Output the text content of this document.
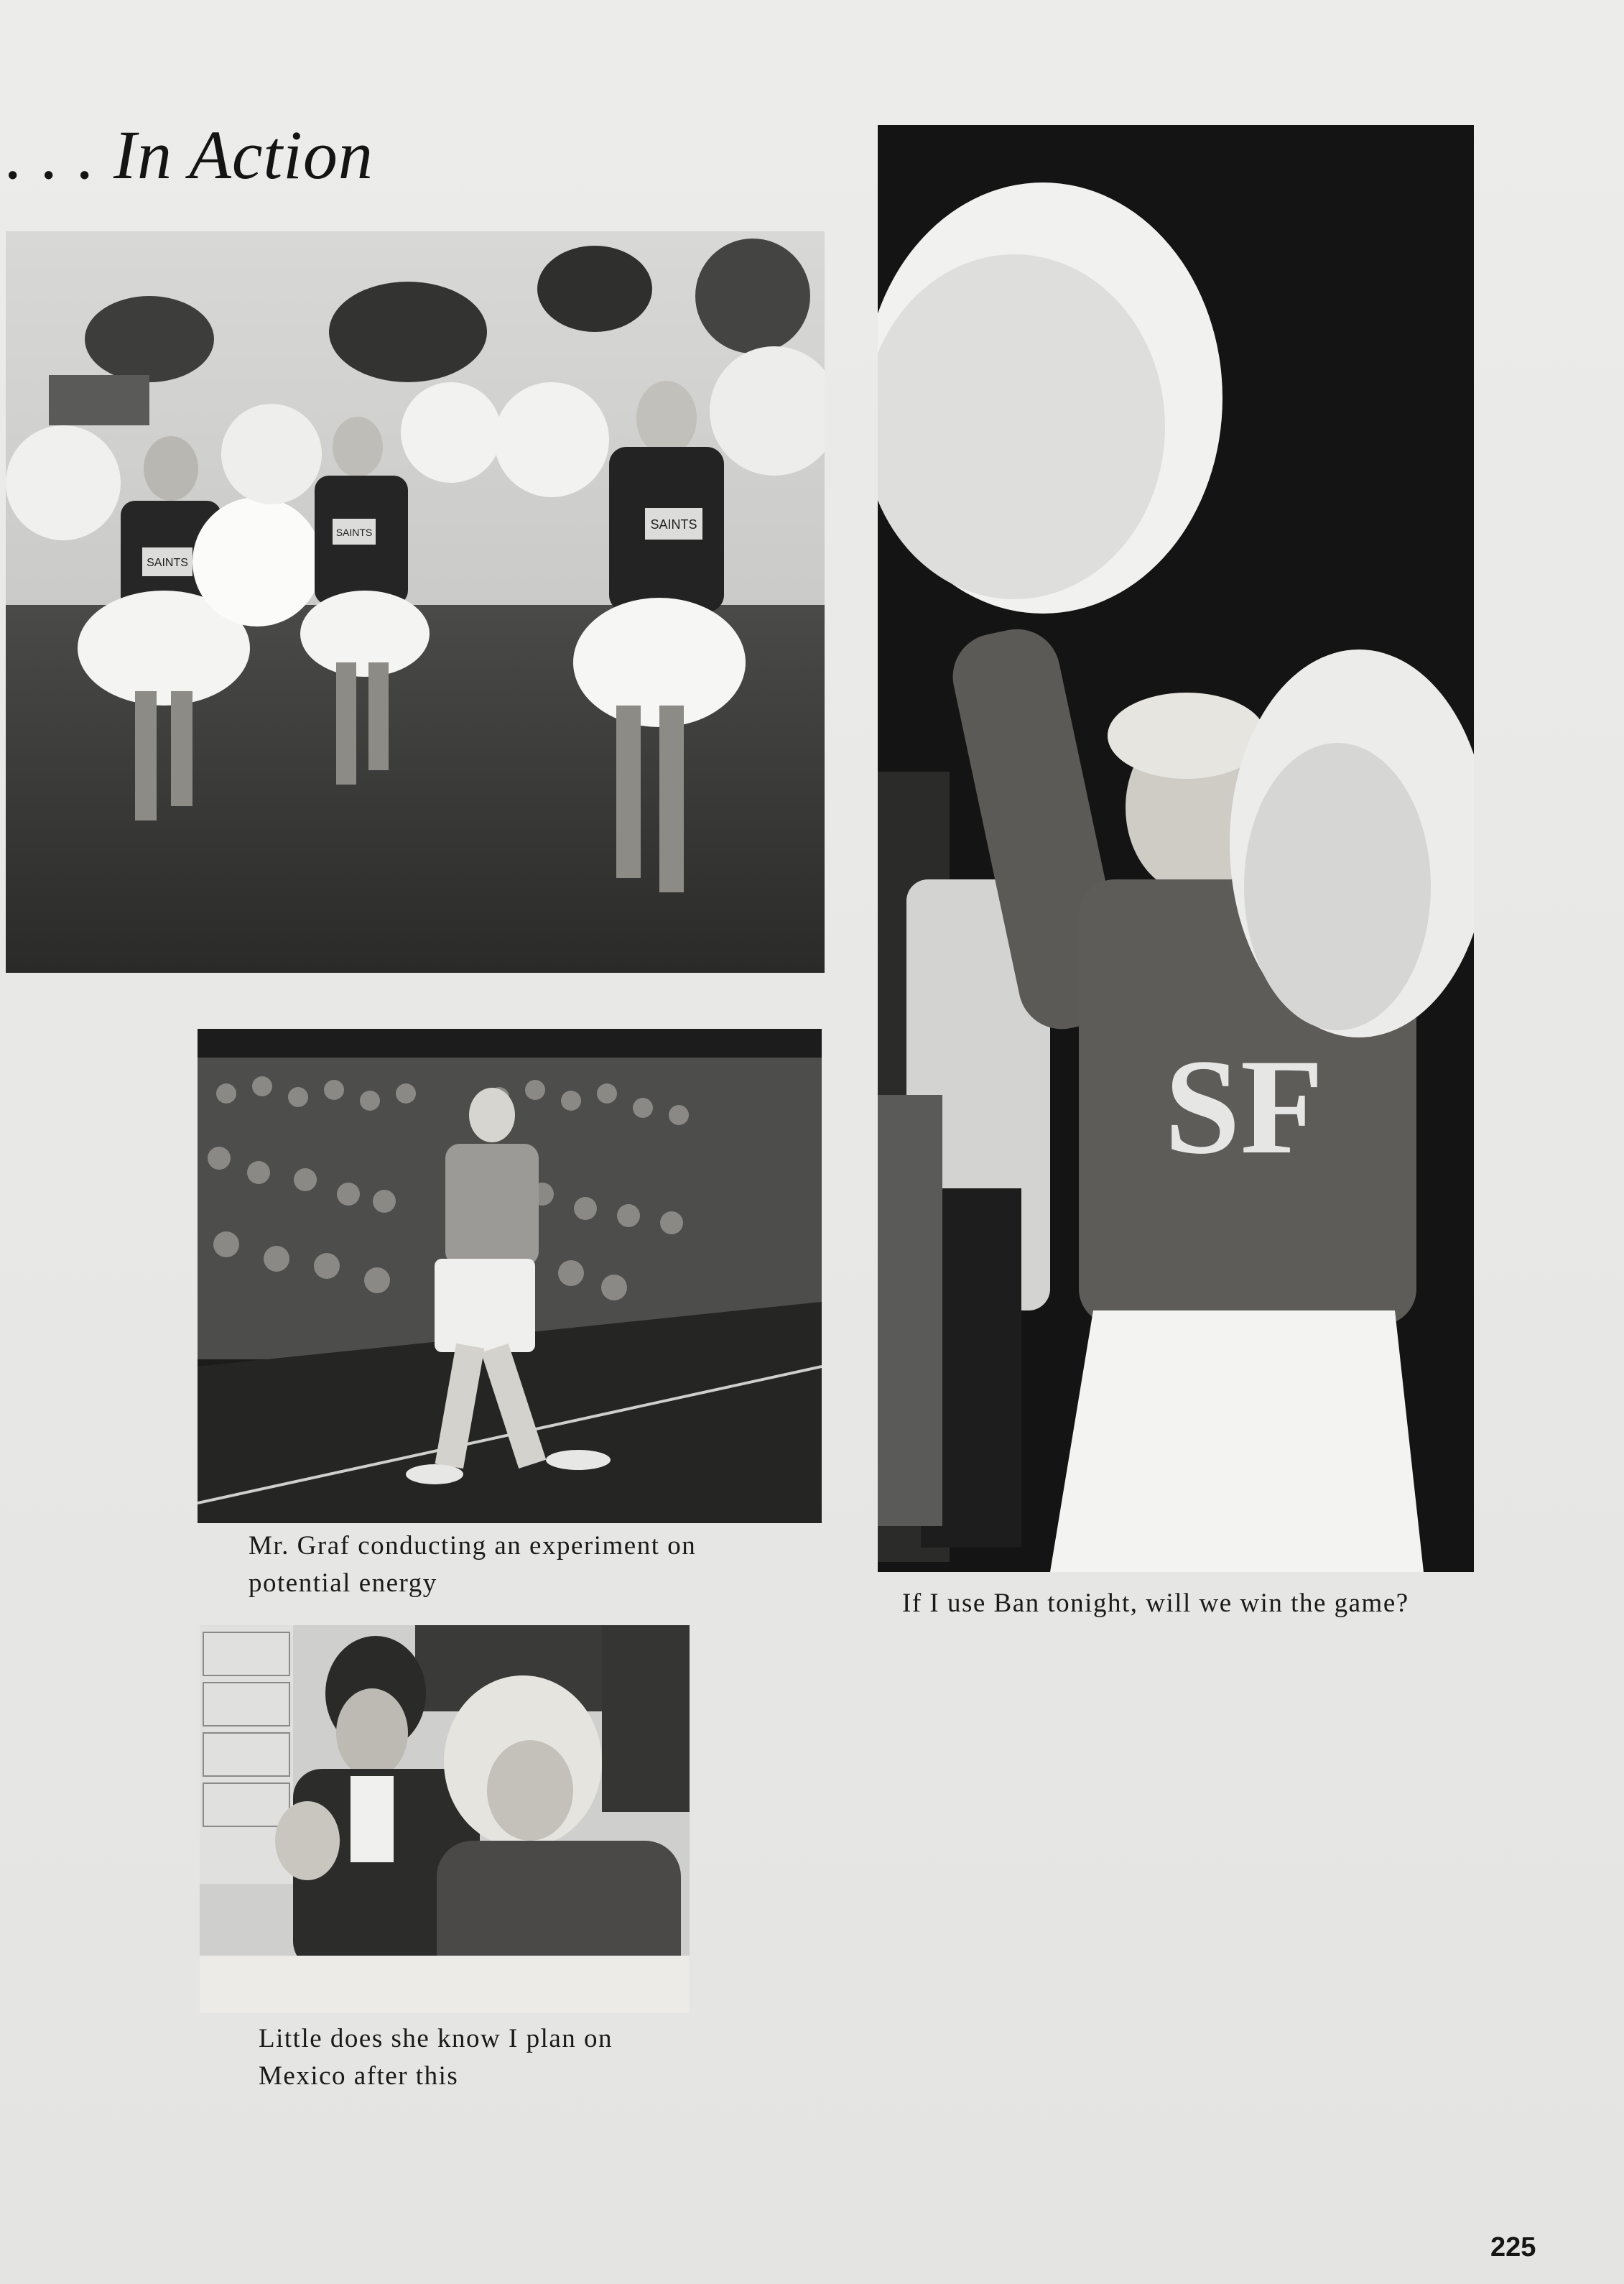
. . . In Action
SAINTS
SAINTS
SAINTS
SF
Mr. Graf conducting an experiment on
potential energy
If I use Ban tonight, will we win the game?
Little does she know I plan on
Mexico after this
225
